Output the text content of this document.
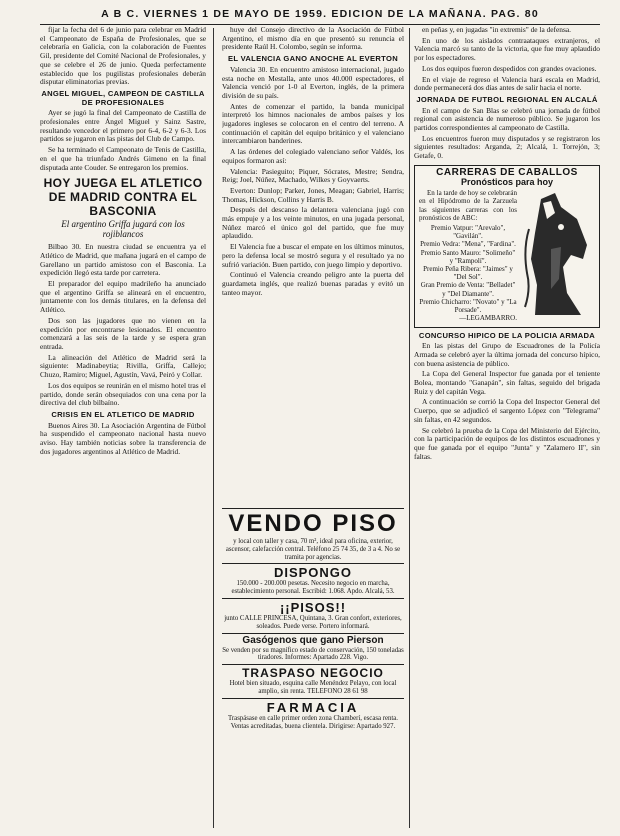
A B C. VIERNES 1 DE MAYO DE 1959. EDICION DE LA MAÑANA. PAG. 80

fijar la fecha del 6 de junio para celebrar en Madrid el Campeonato de España de Profesionales, que se celebraría en Galicia, con la colaboración de Fuentes Gil, presidente del Comité Nacional de Profesionales, y que se celebre el 26 de junio. Queda perfectamente establecido que los pugilistas profesionales deberán disputar eliminatorias previas.

ANGEL MIGUEL, CAMPEON DE CASTILLA DE PROFESIONALES

Ayer se jugó la final del Campeonato de Castilla de profesionales entre Ángel Miguel y Sainz Sastre, resultando vencedor el primero por 6-4, 6-2 y 6-3. Los partidos se jugaron en las pistas del Club de Campo.

Se ha terminado el Campeonato de Tenis de Castilla, en el que ha triunfado Andrés Gimeno en la final disputada ante Couder. Se entregaron los premios.

HOY JUEGA EL ATLETICO DE MADRID CONTRA EL BASCONIA
El argentino Griffa jugará con los rojiblancos

Bilbao 30. En nuestra ciudad se encuentra ya el Atlético de Madrid, que mañana jugará en el campo de Garellano un partido amistoso con el Basconia. La expedición llegó esta tarde por carretera.

El preparador del equipo madrileño ha anunciado que el argentino Griffa se alineará en el encuentro, juntamente con los demás titulares, en la defensa del Atlético.

Dos son las jugadores que no vienen en la expedición por encontrarse lesionados. El encuentro comenzará a las seis de la tarde y se espera gran entrada.

La alineación del Atlético de Madrid será la siguiente: Madinabeytia; Rivilla, Griffa, Callejo; Chuzo, Ramiro; Miguel, Agustín, Vavá, Peiró y Collar.

Los dos equipos se reunirán en el mismo hotel tras el partido, donde serán obsequiados con una cena por la directiva del club bilbaíno.

CRISIS EN EL ATLETICO DE MADRID

Buenos Aires 30. La Asociación Argentina de Fútbol ha suspendido el campeonato nacional hasta nuevo aviso. Hay también noticias sobre la transferencia de dos jugadores argentinos al Atlético de Madrid.

huye del Consejo directivo de la Asociación de Fútbol Argentino, el mismo día en que presentó su renuncia el presidente Raúl H. Colombo, según se informa.

EL VALENCIA GANO ANOCHE AL EVERTON

Valencia 30. En encuentro amistoso internacional, jugado esta noche en Mestalla, ante unos 40.000 espectadores, el Valencia venció por 1-0 al Everton, inglés, de la primera división de su país.

Antes de comenzar el partido, la banda municipal interpretó los himnos nacionales de ambos países y los jugadores ingleses se colocaron en el centro del terreno. A continuación el capitán del equipo británico y el valenciano intercambiaron banderines.

A las órdenes del colegiado valenciano señor Valdés, los equipos formaron así:

Valencia: Pasieguito; Piquer, Sócrates, Mestre; Sendra, Reig; Joel, Núñez, Machado, Wilkes y Goyvaerts.

Everton: Dunlop; Parker, Jones, Meagan; Gabriel, Harris; Thomas, Hickson, Collins y Harris B.

Después del descanso la delantera valenciana jugó con más empuje y a los veinte minutos, en una jugada personal, Núñez marcó el único gol del partido, que fue muy aplaudido.

El Valencia fue a buscar el empate en los últimos minutos, pero la defensa local se mostró segura y el resultado ya no sufrió variación. Buen partido, con juego limpio y deportivo.

Continuó el Valencia creando peligro ante la puerta del guardameta inglés, que realizó buenas paradas y evitó un tanteo mayor.

VENDO PISO
y local con taller y casa, 70 m², ideal para oficina, exterior, ascensor, calefacción central. Teléfono 25 74 35, de 3 a 4. No se tramita por agencias.
DISPONGO
150.000 - 200.000 pesetas. Necesito negocio en marcha, establecimiento personal. Escribid: 1.068. Apdo. Alcalá, 53.
¡¡PISOS!!
junto CALLE PRINCESA, Quintana, 3. Gran confort, exteriores, soleados. Puede verse. Portero informará.
Gasógenos que gano Pierson
Se venden por su magnífico estado de conservación, 150 toneladas tiradores. Informes: Apartado 228. Vigo.
TRASPASO NEGOCIO
Hotel bien situado, esquina calle Menéndez Pelayo, con local amplio, sin renta. TELEFONO 28 61 98
FARMACIA
Traspásase en calle primer orden zona Chamberí, escasa renta. Ventas acreditadas, buena clientela. Dirigirse: Apartado 927.

en peñas y, en jugadas "in extremis" de la defensa.

En uno de los aislados contraataques extranjeros, el Valencia marcó su tanto de la victoria, que fue muy aplaudido por los espectadores.

Los dos equipos fueron despedidos con grandes ovaciones.

En el viaje de regreso el Valencia hará escala en Madrid, donde permanecerá dos días antes de salir hacia el norte.

JORNADA DE FUTBOL REGIONAL EN ALCALÁ

En el campo de San Blas se celebró una jornada de fútbol regional con asistencia de numeroso público. Se jugaron los partidos correspondientes al campeonato de Castilla.

Los encuentros fueron muy disputados y se registraron los siguientes resultados: Arganda, 2; Alcalá, 1. Torrejón, 3; Getafe, 0.

CARRERAS DE CABALLOS
Pronósticos para hoy

En la tarde de hoy se celebrarán en el Hipódromo de la Zarzuela las siguientes carreras con los pronósticos de ABC:

Premio Vatpur: "Arevalo", "Gavilán".
Premio Vedra: "Mena", "Fardina".
Premio Santo Mauro: "Solimeño" y "Rampolí".
Premio Peña Ribera: "Jaimes" y "Del Sol".
Gran Premio de Venta: "Belladet" y "Del Diamante".
Premio Chicharro: "Novato" y "La Porsade".
—LEGAMBARRO.
CONCURSO HIPICO DE LA POLICIA ARMADA

En las pistas del Grupo de Escuadrones de la Policía Armada se celebró ayer la última jornada del concurso hípico, con buena asistencia de público.

La Copa del General Inspector fue ganada por el teniente Bolea, montando "Ganapán", sin faltas, seguido del brigada Ruiz y del capitán Vega.

A continuación se corrió la Copa del Inspector General del Cuerpo, que se adjudicó el sargento López con "Telegrama" sin faltas, en 42 segundos.

Se celebró la prueba de la Copa del Ministerio del Ejército, con la participación de equipos de los distintos escuadrones y que fue ganada por el equipo "Junta" y "Zalamero II", sin faltas.
